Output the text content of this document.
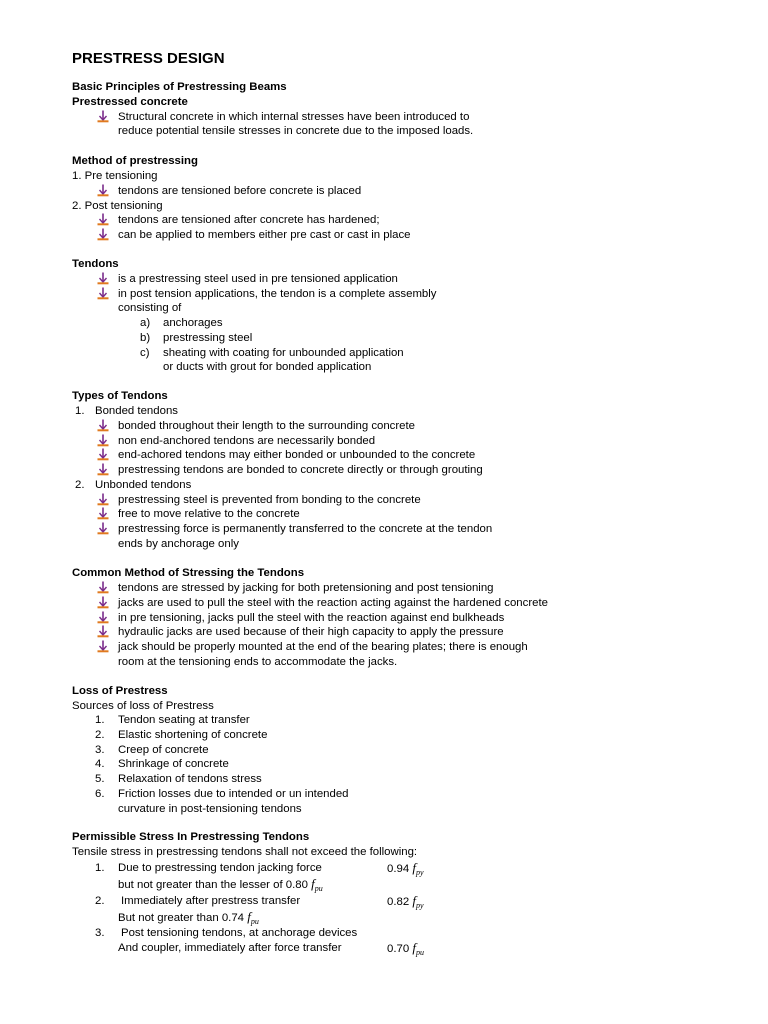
PRESTRESS DESIGN
Basic Principles of Prestressing Beams
Prestressed concrete
Structural concrete in which internal stresses have been introduced to
reduce potential tensile stresses in concrete due to the imposed loads.
Method of prestressing
1. Pre tensioning
tendons are tensioned before concrete is placed
2. Post tensioning
tendons are tensioned after concrete has hardened;
can be applied to members either pre cast or cast in place
Tendons
is a prestressing steel used in pre tensioned application
in post tension applications, the tendon is a complete assembly
consisting of
a) anchorages
b) prestressing steel
c) sheating with coating for unbounded application
or ducts with grout for bonded application
Types of Tendons
1. Bonded tendons
bonded throughout their length to the surrounding concrete
non end-anchored tendons are necessarily bonded
end-achored tendons may either bonded or unbounded to the concrete
prestressing tendons are bonded to concrete directly or through grouting
2. Unbonded tendons
prestressing steel is prevented from bonding to the concrete
free to move relative to the concrete
prestressing force is permanently transferred to the concrete at the tendon
ends by anchorage only
Common Method of Stressing the Tendons
tendons are stressed by jacking for both pretensioning and post tensioning
jacks are used to pull the steel with the reaction acting against the hardened concrete
in pre tensioning, jacks pull the steel with the reaction against end bulkheads
hydraulic jacks are used because of their high capacity to apply the pressure
jack should be properly mounted at the end of the bearing plates; there is enough
room at the tensioning ends to accommodate the jacks.
Loss of Prestress
Sources of loss of Prestress
1. Tendon seating at transfer
2. Elastic shortening of concrete
3. Creep of concrete
4. Shrinkage of concrete
5. Relaxation of tendons stress
6. Friction losses due to intended or un intended
curvature in post-tensioning tendons
Permissible Stress In Prestressing Tendons
Tensile stress in prestressing tendons shall not exceed the following:
1. Due to prestressing tendon jacking force	0.94 $f_{py}$
but not greater than the lesser of 0.80 $f_{pu}$
2. Immediately after prestress transfer	0.82 $f_{py}$
But not greater than 0.74 $f_{pu}$
3. Post tensioning tendons, at anchorage devices
And coupler, immediately after force transfer	0.70 $f_{pu}$
